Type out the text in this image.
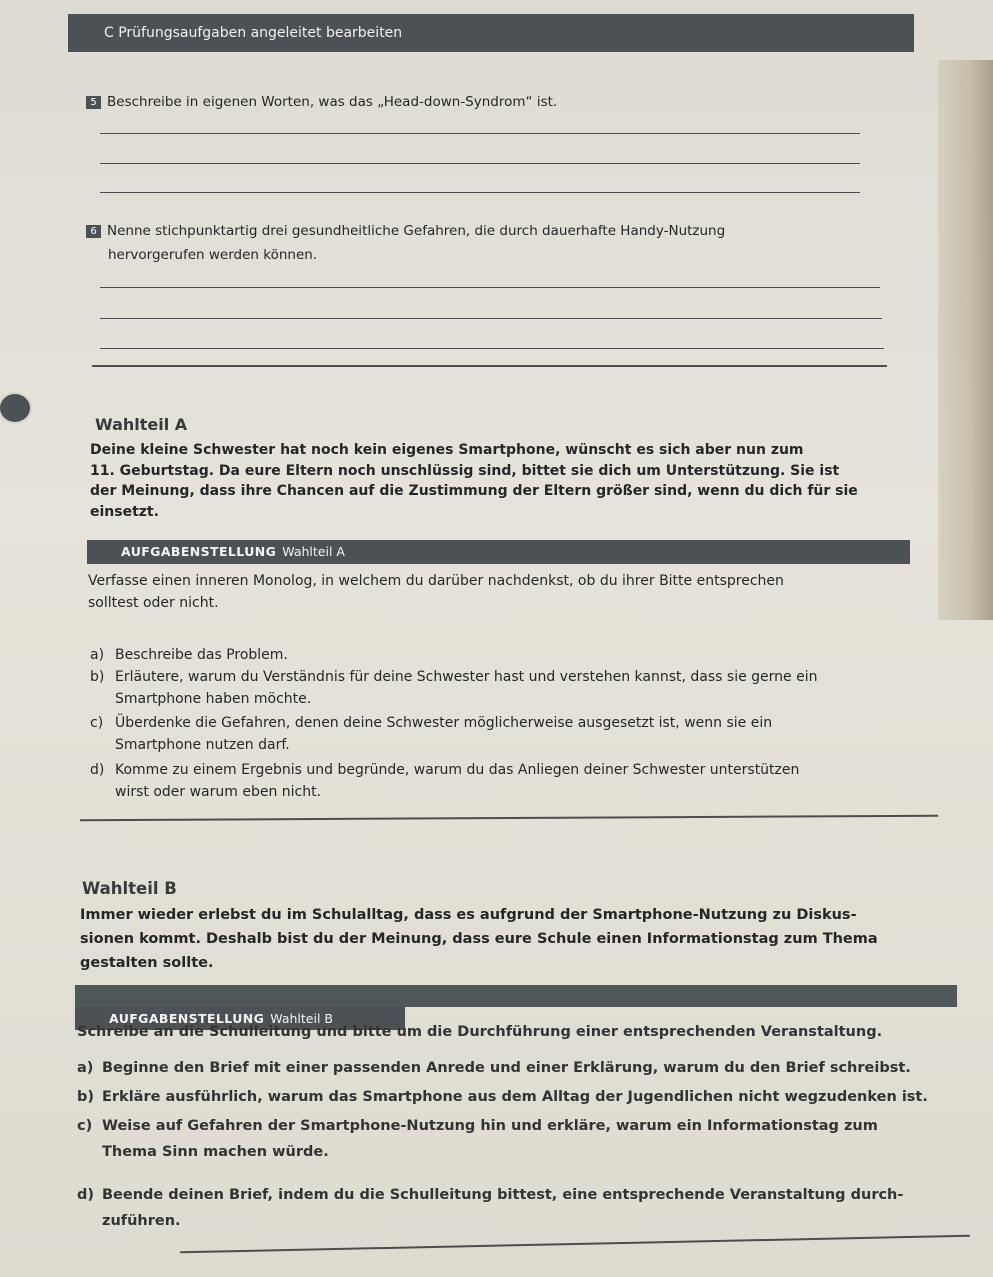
C Prüfungsaufgaben angeleitet bearbeiten
5 Beschreibe in eigenen Worten, was das „Head-down-Syndrom“ ist.
6 Nenne stichpunktartig drei gesundheitliche Gefahren, die durch dauerhafte Handy-Nutzung
hervorgerufen werden können.
Wahlteil A
Deine kleine Schwester hat noch kein eigenes Smartphone, wünscht es sich aber nun zum
11. Geburtstag. Da eure Eltern noch unschlüssig sind, bittet sie dich um Unterstützung. Sie ist
der Meinung, dass ihre Chancen auf die Zustimmung der Eltern größer sind, wenn du dich für sie
einsetzt.
AUFGABENSTELLUNG Wahlteil A
Verfasse einen inneren Monolog, in welchem du darüber nachdenkst, ob du ihrer Bitte entsprechen
solltest oder nicht.
a) Beschreibe das Problem.
b) Erläutere, warum du Verständnis für deine Schwester hast und verstehen kannst, dass sie gerne ein
Smartphone haben möchte.
c) Überdenke die Gefahren, denen deine Schwester möglicherweise ausgesetzt ist, wenn sie ein
Smartphone nutzen darf.
d) Komme zu einem Ergebnis und begründe, warum du das Anliegen deiner Schwester unterstützen
wirst oder warum eben nicht.
Wahlteil B
Immer wieder erlebst du im Schulalltag, dass es aufgrund der Smartphone-Nutzung zu Diskus-
sionen kommt. Deshalb bist du der Meinung, dass eure Schule einen Informationstag zum Thema
gestalten sollte.
AUFGABENSTELLUNG Wahlteil B
Schreibe an die Schulleitung und bitte um die Durchführung einer entsprechenden Veranstaltung.
a) Beginne den Brief mit einer passenden Anrede und einer Erklärung, warum du den Brief schreibst.
b) Erkläre ausführlich, warum das Smartphone aus dem Alltag der Jugendlichen nicht wegzudenken ist.
c) Weise auf Gefahren der Smartphone-Nutzung hin und erkläre, warum ein Informationstag zum
Thema Sinn machen würde.
d) Beende deinen Brief, indem du die Schulleitung bittest, eine entsprechende Veranstaltung durch-
zuführen.
